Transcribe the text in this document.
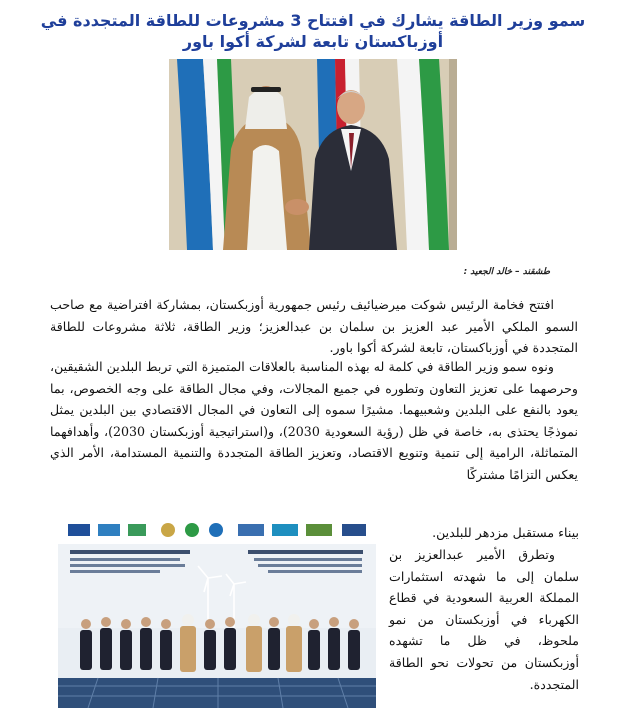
سمو وزير الطاقة يشارك في افتتاح 3 مشروعات للطاقة المتجددة في
أوزباكستان تابعة لشركة أكوا باور
طشقند – خالد الجعيد :

افتتح فخامة الرئيس شوكت ميرضيائيف رئيس جمهورية أوزبكستان، بمشاركة افتراضية مع صاحب السمو الملكي الأمير عبد العزيز بن سلمان بن عبدالعزيز؛ وزير الطاقة، ثلاثة مشروعات للطاقة المتجددة في أوزباكستان، تابعة لشركة أكوا باور.

ونوه سمو وزير الطاقة في كلمة له بهذه المناسبة بالعلاقات المتميزة التي تربط البلدين الشقيقين، وحرصهما على تعزيز التعاون وتطوره في جميع المجالات، وفي مجال الطاقة على وجه الخصوص، بما يعود بالنفع على البلدين وشعبيهما. مشيرًا سموه إلى التعاون في المجال الاقتصادي بين البلدين يمثل نموذجًا يحتذى به، خاصة في ظل (رؤية السعودية 2030)، و(استراتيجية أوزبكستان 2030)، وأهدافهما المتماثلة، الرامية إلى تنمية وتنويع الاقتصاد، وتعزيز الطاقة المتجددة والتنمية المستدامة، الأمر الذي يعكس التزامًا مشتركًا

بيناء مستقبل مزدهر للبلدين.

وتطرق الأمير عبدالعزيز بن سلمان إلى ما شهدته استثمارات المملكة العربية السعودية في قطاع الكهرباء في أوزبكستان من نمو ملحوظ، في ظل ما تشهده أوزبكستان من تحولات نحو الطاقة المتجددة.
